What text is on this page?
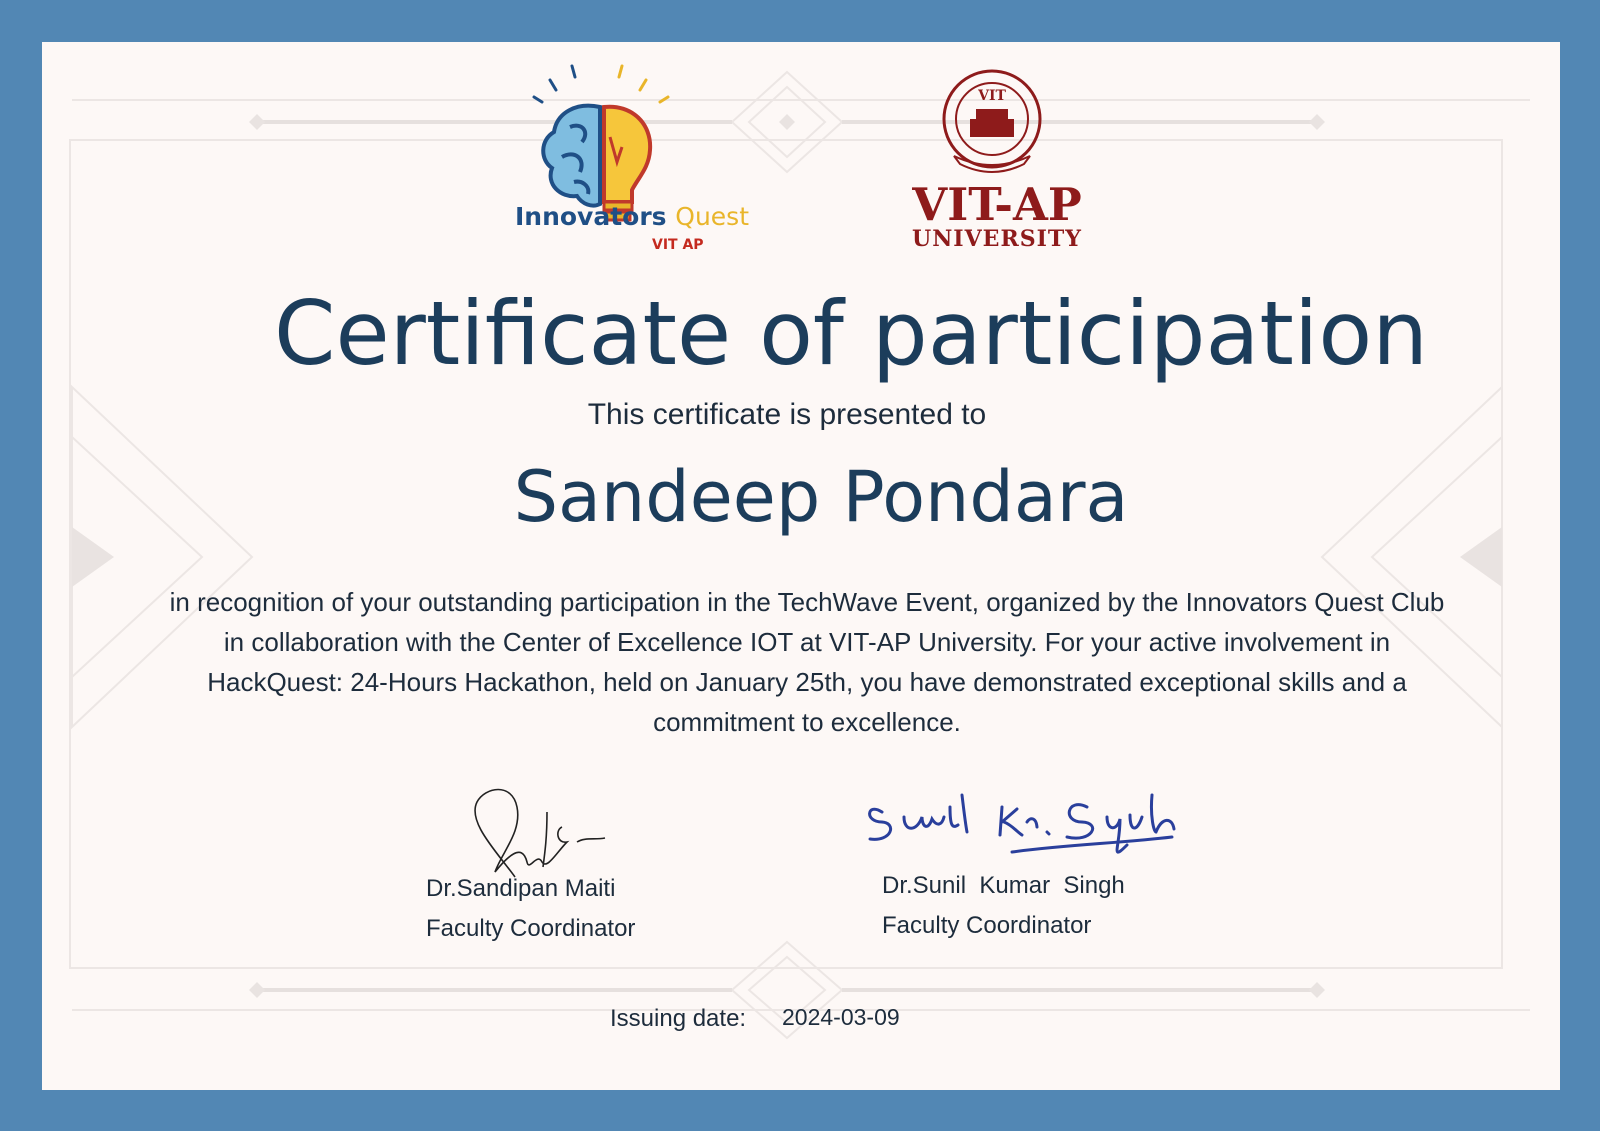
Innovators Quest
VIT AP
VIT
VIT-AP
UNIVERSITY
Certificate of participation
This certificate is presented to
Sandeep Pondara
in recognition of your outstanding participation in the TechWave Event, organized by the Innovators Quest Club in collaboration with the Center of Excellence IOT at VIT-AP University. For your active involvement in HackQuest: 24-Hours Hackathon, held on January 25th, you have demonstrated exceptional skills and a commitment to excellence.
Dr.Sandipan Maiti
Faculty Coordinator
Dr.Sunil  Kumar  Singh
Faculty Coordinator
Issuing date: 2024-03-09
